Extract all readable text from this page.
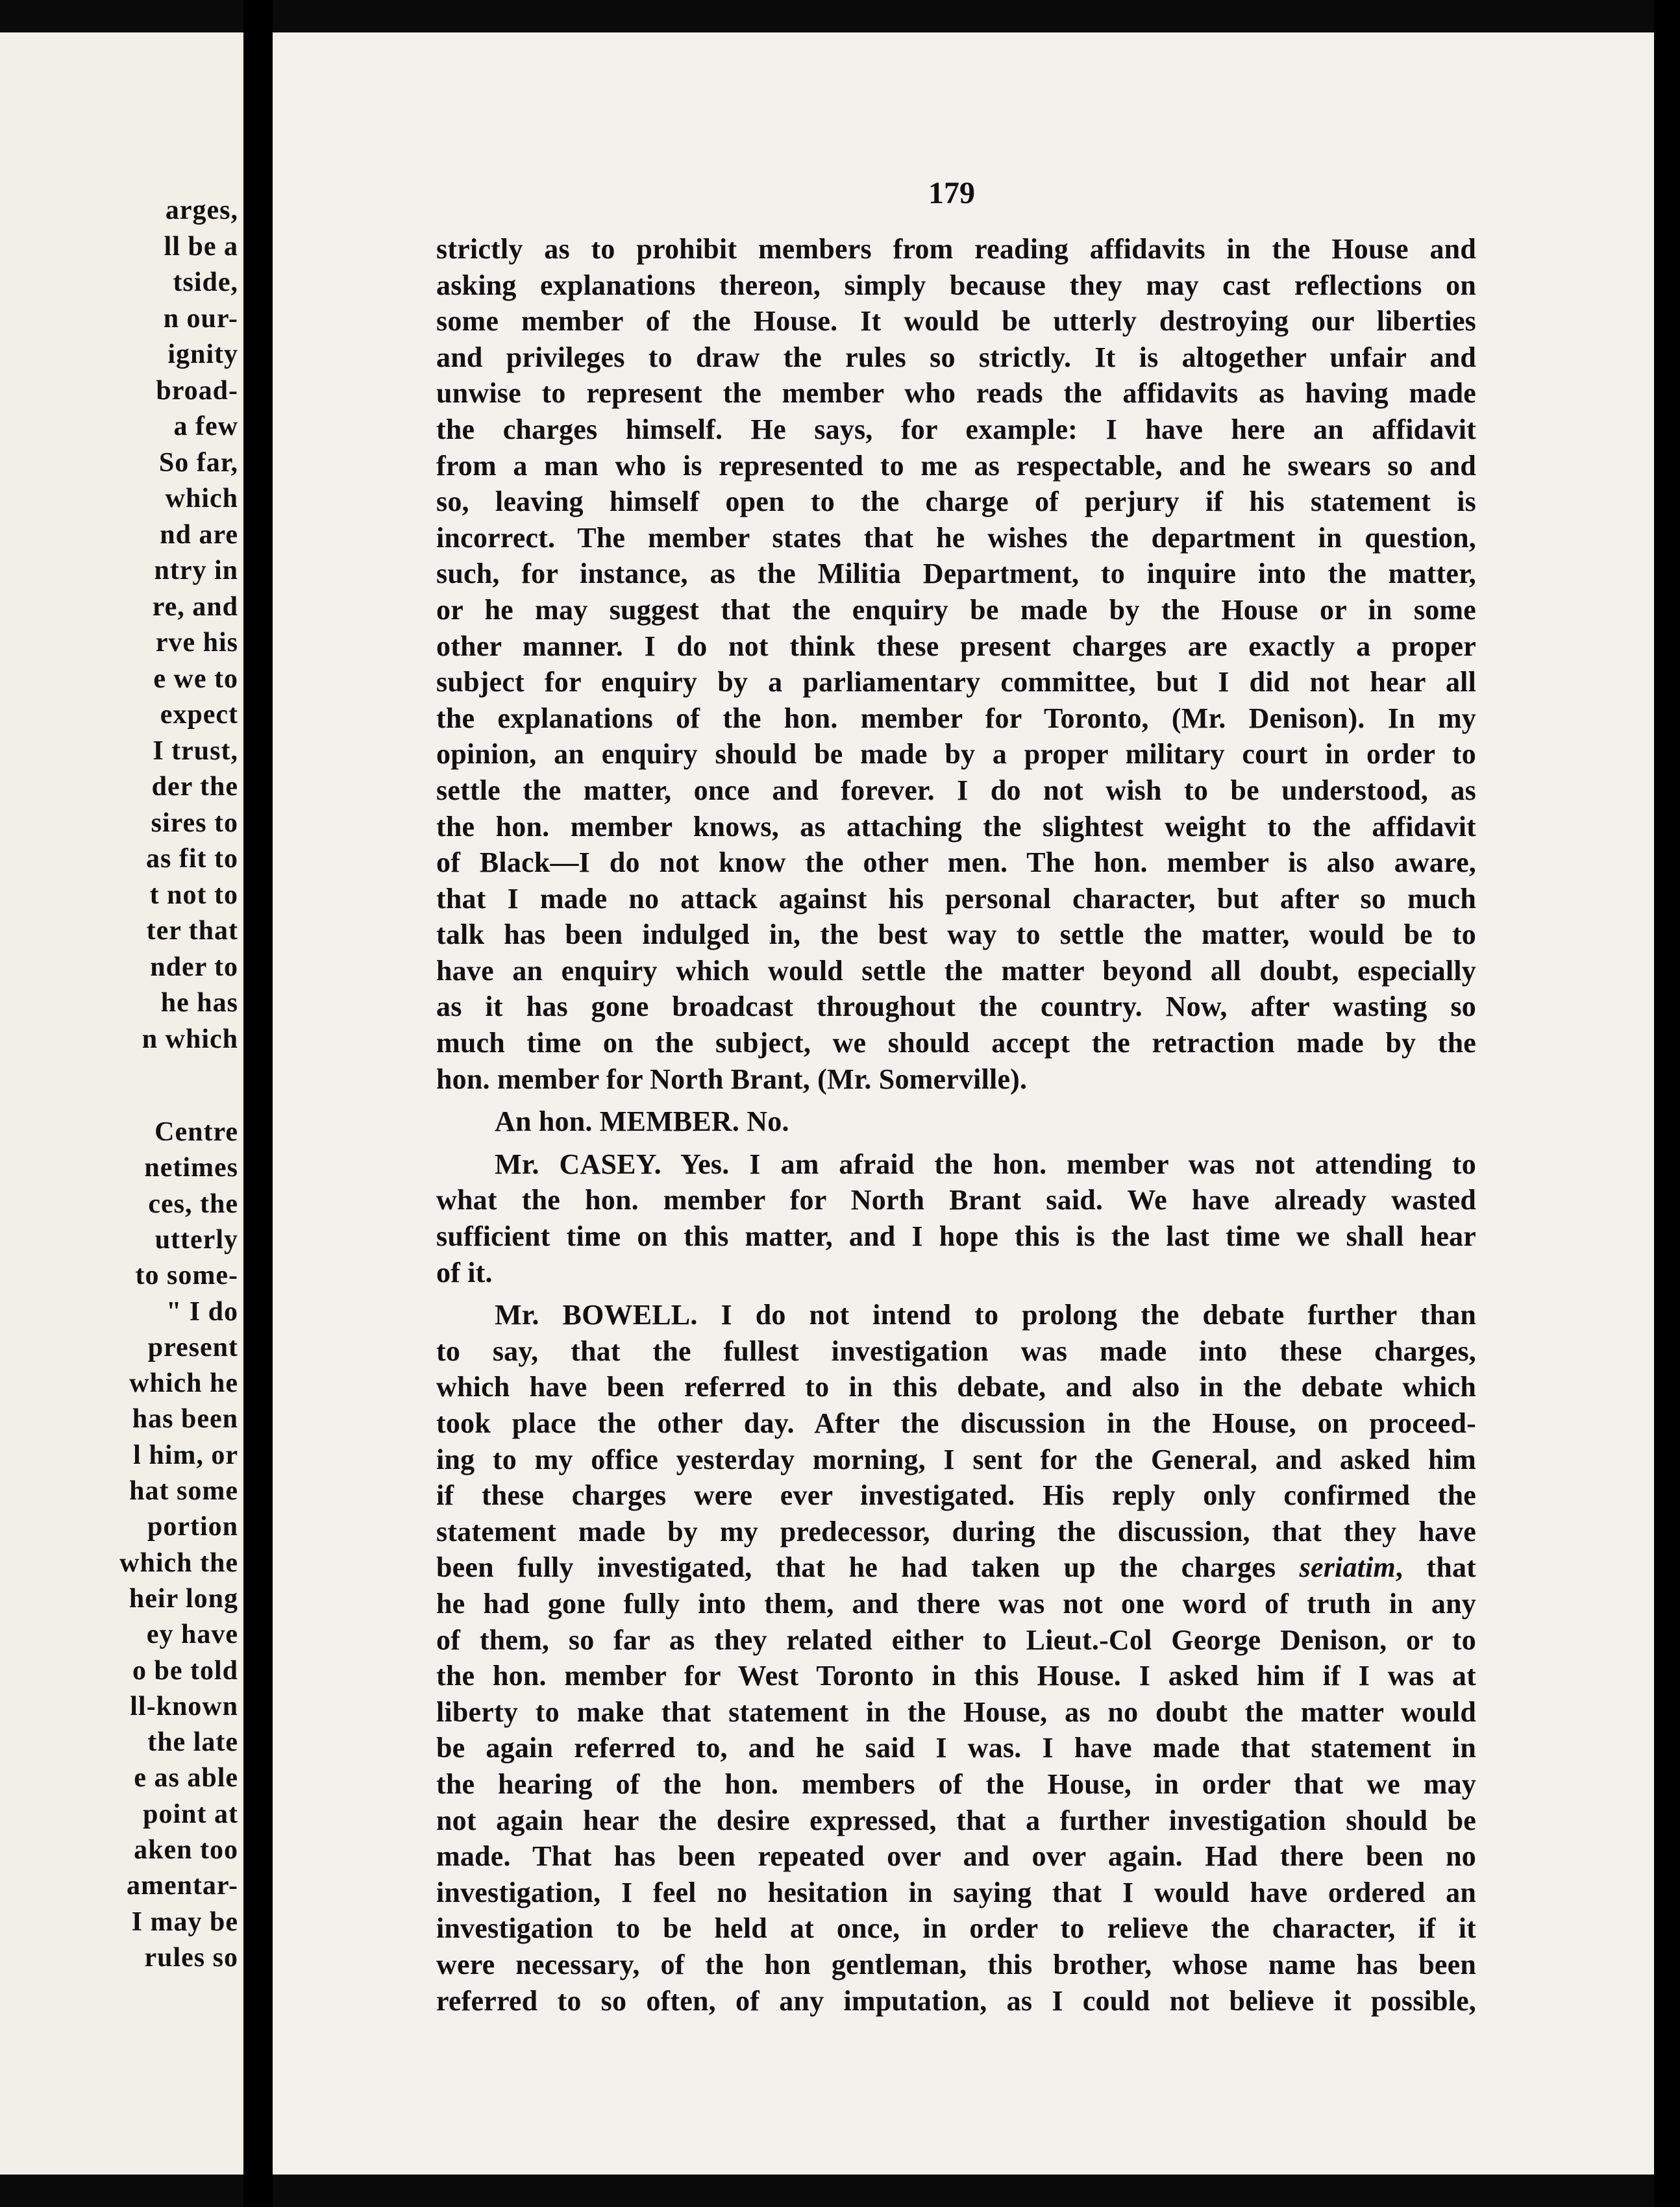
arges,
ll be a
tside,
n our-
ignity
broad-
a few
So far,
which
nd are
ntry in
re, and
rve his
e we to
expect
I trust,
der the
sires to
as fit to
t not to
ter that
nder to
he has
n which
Centre
netimes
ces, the
utterly
to some-
" I do
present
which he
has been
l him, or
hat some
portion
which the
heir long
ey have
o be told
ll-known
the late
e as able
point at
aken too
amentar-
I may be
rules so
179
strictly as to prohibit members from reading affidavits in the House and
asking explanations thereon, simply because they may cast reflections on
some member of the House. It would be utterly destroying our liberties
and privileges to draw the rules so strictly. It is altogether unfair and
unwise to represent the member who reads the affidavits as having made
the charges himself. He says, for example: I have here an affidavit
from a man who is represented to me as respectable, and he swears so and
so, leaving himself open to the charge of perjury if his statement is
incorrect. The member states that he wishes the department in question,
such, for instance, as the Militia Department, to inquire into the matter,
or he may suggest that the enquiry be made by the House or in some
other manner. I do not think these present charges are exactly a proper
subject for enquiry by a parliamentary committee, but I did not hear all
the explanations of the hon. member for Toronto, (Mr. Denison). In my
opinion, an enquiry should be made by a proper military court in order to
settle the matter, once and forever. I do not wish to be understood, as
the hon. member knows, as attaching the slightest weight to the affidavit
of Black—I do not know the other men. The hon. member is also aware,
that I made no attack against his personal character, but after so much
talk has been indulged in, the best way to settle the matter, would be to
have an enquiry which would settle the matter beyond all doubt, especially
as it has gone broadcast throughout the country. Now, after wasting so
much time on the subject, we should accept the retraction made by the
hon. member for North Brant, (Mr. Somerville).
An hon. MEMBER. No.
Mr. CASEY. Yes. I am afraid the hon. member was not attending to
what the hon. member for North Brant said. We have already wasted
sufficient time on this matter, and I hope this is the last time we shall hear
of it.
Mr. BOWELL. I do not intend to prolong the debate further than
to say, that the fullest investigation was made into these charges,
which have been referred to in this debate, and also in the debate which
took place the other day. After the discussion in the House, on proceed-
ing to my office yesterday morning, I sent for the General, and asked him
if these charges were ever investigated. His reply only confirmed the
statement made by my predecessor, during the discussion, that they have
been fully investigated, that he had taken up the charges seriatim, that
he had gone fully into them, and there was not one word of truth in any
of them, so far as they related either to Lieut.-Col George Denison, or to
the hon. member for West Toronto in this House. I asked him if I was at
liberty to make that statement in the House, as no doubt the matter would
be again referred to, and he said I was. I have made that statement in
the hearing of the hon. members of the House, in order that we may
not again hear the desire expressed, that a further investigation should be
made. That has been repeated over and over again. Had there been no
investigation, I feel no hesitation in saying that I would have ordered an
investigation to be held at once, in order to relieve the character, if it
were necessary, of the hon gentleman, this brother, whose name has been
referred to so often, of any imputation, as I could not believe it possible,
